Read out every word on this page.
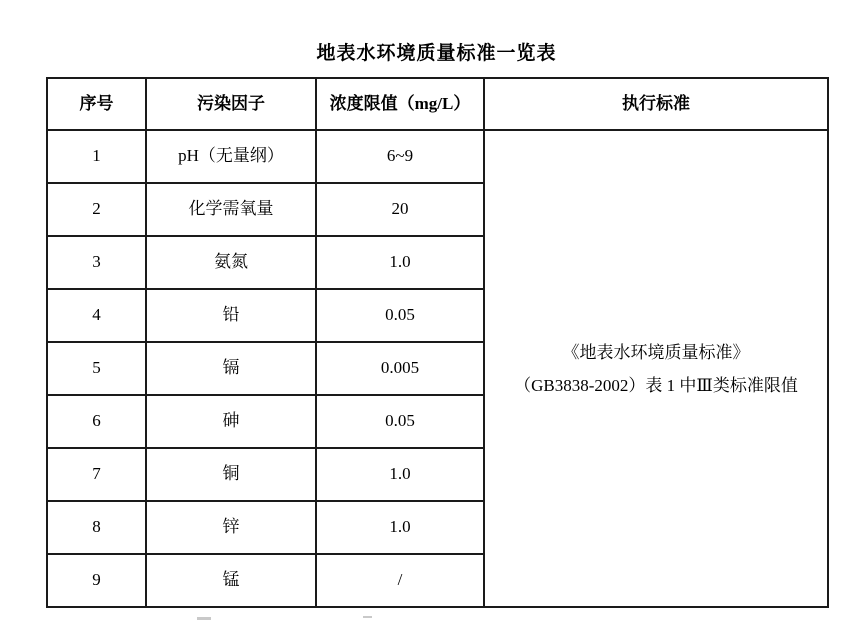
地表水环境质量标准一览表
序号	污染因子	浓度限值（mg/L）	执行标准
1	pH（无量纲）	6~9	《地表水环境质量标准》
（GB3838-2002）表 1 中Ⅲ类标准限值

2	化学需氧量	20	
3	氨氮	1.0	
4	铅	0.05	
5	镉	0.005	
6	砷	0.05	
7	铜	1.0	
8	锌	1.0	
9	锰	/	
